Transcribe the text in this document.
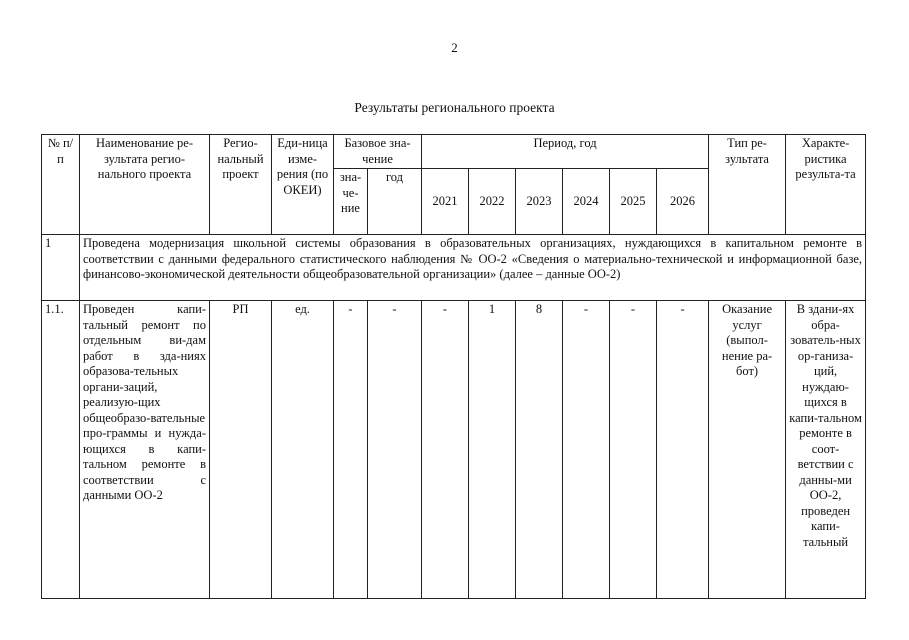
2
Результаты регионального проекта
№ п/п	Наименование ре-зультата регио-нального проекта	Регио-нальный проект	Еди-ница изме-рения (по ОКЕИ)	Базовое зна-чение		Период, год						Тип ре-зультата	Характе-ристика результа-та
				зна-че-ние	год	2021	2022	2023	2024	2025	2026		
1	Проведена модернизация школьной системы образования в образовательных организациях, нуждающихся в капитальном ремонте в соответствии с данными федерального статистического наблюдения № ОО-2 «Сведения о материально-технической и информационной базе, финансово-экономической деятельности общеобразовательной организации» (далее – данные ОО-2)												
1.1.	Проведен капи-тальный ремонт по отдельным ви-дам работ в зда-ниях образова-тельных органи-заций, реализую-щих общеобразо-вательные про-граммы и нужда-ющихся в капи-тальном ремонте в соответствии с данными ОО-2	РП	ед.	-	-	-	1	8	-	-	-	Оказание услуг (выпол-нение ра-бот)	В здани-ях обра-зователь-ных ор-ганиза-ций, нуждаю-щихся в капи-тальном ремонте в соот-ветствии с данны-ми ОО-2, проведен капи-тальный
